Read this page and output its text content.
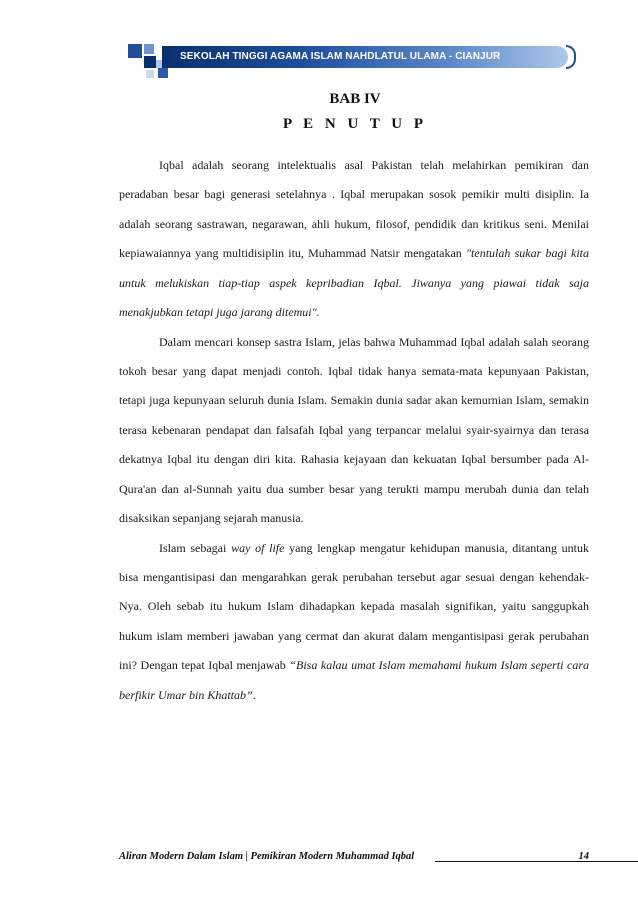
SEKOLAH TINGGI AGAMA ISLAM NAHDLATUL ULAMA - CIANJUR
BAB IV
P E N U T U P

Iqbal adalah seorang intelektualis asal Pakistan telah melahirkan pemikiran dan peradaban besar bagi generasi setelahnya . Iqbal merupakan sosok pemikir multi disiplin. Ia adalah seorang sastrawan, negarawan, ahli hukum, filosof, pendidik dan kritikus seni. Menilai kepiawaiannya yang multidisiplin itu, Muhammad Natsir mengatakan "tentulah sukar bagi kita untuk melukiskan tiap-tiap aspek kepribadian Iqbal. Jiwanya yang piawai tidak saja menakjubkan tetapi juga jarang ditemui".

Dalam mencari konsep sastra Islam, jelas bahwa Muhammad Iqbal adalah salah seorang tokoh besar yang dapat menjadi contoh. Iqbal tidak hanya semata-mata kepunyaan Pakistan, tetapi juga kepunyaan seluruh dunia Islam. Semakin dunia sadar akan kemurnian Islam, semakin terasa kebenaran pendapat dan falsafah Iqbal yang terpancar melalui syair-syairnya dan terasa dekatnya Iqbal itu dengan diri kita. Rahasia kejayaan dan kekuatan Iqbal bersumber pada Al-Qura'an dan al-Sunnah yaitu dua sumber besar yang terukti mampu merubah dunia dan telah disaksikan sepanjang sejarah manusia.

Islam sebagai way of life yang lengkap mengatur kehidupan manusia, ditantang untuk bisa mengantisipasi dan mengarahkan gerak perubahan tersebut agar sesuai dengan kehendak-Nya. Oleh sebab itu hukum Islam dihadapkan kepada masalah signifikan, yaitu sanggupkah hukum islam memberi jawaban yang cermat dan akurat dalam mengantisipasi gerak perubahan ini? Dengan tepat Iqbal menjawab “Bisa kalau umat Islam memahami hukum Islam seperti cara berfikir Umar bin Khattab”.

Aliran Modern Dalam Islam | Pemikiran Modern Muhammad Iqbal	14
